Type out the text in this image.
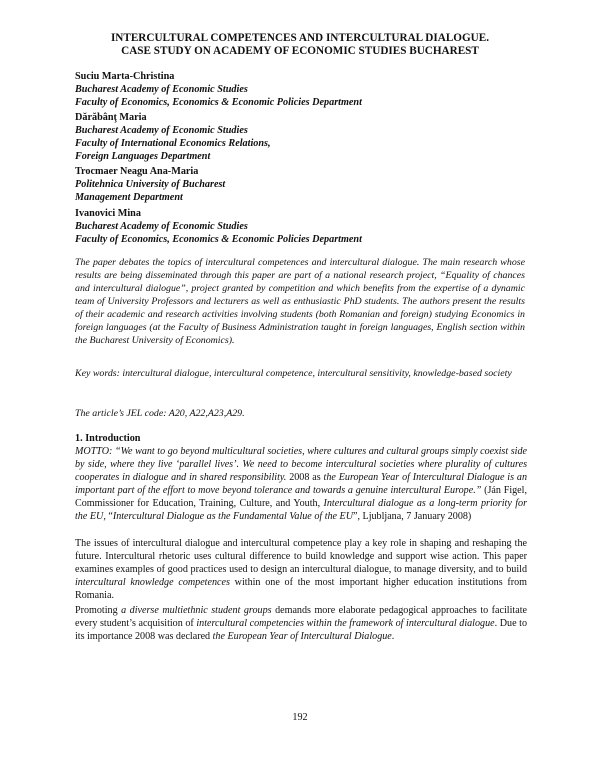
INTERCULTURAL COMPETENCES AND INTERCULTURAL DIALOGUE.
CASE STUDY ON ACADEMY OF ECONOMIC STUDIES BUCHAREST
Suciu Marta-Christina
Bucharest Academy of Economic Studies
Faculty of Economics, Economics & Economic Policies Department
Dărăbânţ Maria
Bucharest Academy of Economic Studies
Faculty of International Economics Relations,
Foreign Languages Department
Trocmaer Neagu Ana-Maria
Politehnica University of Bucharest
Management Department
Ivanovici Mina
Bucharest Academy of Economic Studies
Faculty of Economics, Economics & Economic Policies Department
The paper debates the topics of intercultural competences and intercultural dialogue. The main research whose results are being disseminated through this paper are part of a national research project, “Equality of chances and intercultural dialogue”, project granted by competition and which benefits from the expertise of a dynamic team of University Professors and lecturers as well as enthusiastic PhD students. The authors present the results of their academic and research activities involving students (both Romanian and foreign) studying Economics in foreign languages (at the Faculty of Business Administration taught in foreign languages, English section within the Bucharest University of Economics).
Key words: intercultural dialogue, intercultural competence, intercultural sensitivity, knowledge-based society
The article’s JEL code: A20, A22,A23,A29.
1. Introduction
MOTTO: “We want to go beyond multicultural societies, where cultures and cultural groups simply coexist side by side, where they live ‘parallel lives’. We need to become intercultural societies where plurality of cultures cooperates in dialogue and in shared responsibility. 2008 as the European Year of Intercultural Dialogue is an important part of the effort to move beyond tolerance and towards a genuine intercultural Europe.” (Ján Figel, Commissioner for Education, Training, Culture, and Youth, Intercultural dialogue as a long-term priority for the EU, “Intercultural Dialogue as the Fundamental Value of the EU”, Ljubljana, 7 January 2008)
The issues of intercultural dialogue and intercultural competence play a key role in shaping and reshaping the future. Intercultural rhetoric uses cultural difference to build knowledge and support wise action. This paper examines examples of good practices used to design an intercultural dialogue, to manage diversity, and to build intercultural knowledge competences within one of the most important higher education institutions from Romania.
Promoting a diverse multiethnic student groups demands more elaborate pedagogical approaches to facilitate every student’s acquisition of intercultural competencies within the framework of intercultural dialogue. Due to its importance 2008 was declared the European Year of Intercultural Dialogue.
192
